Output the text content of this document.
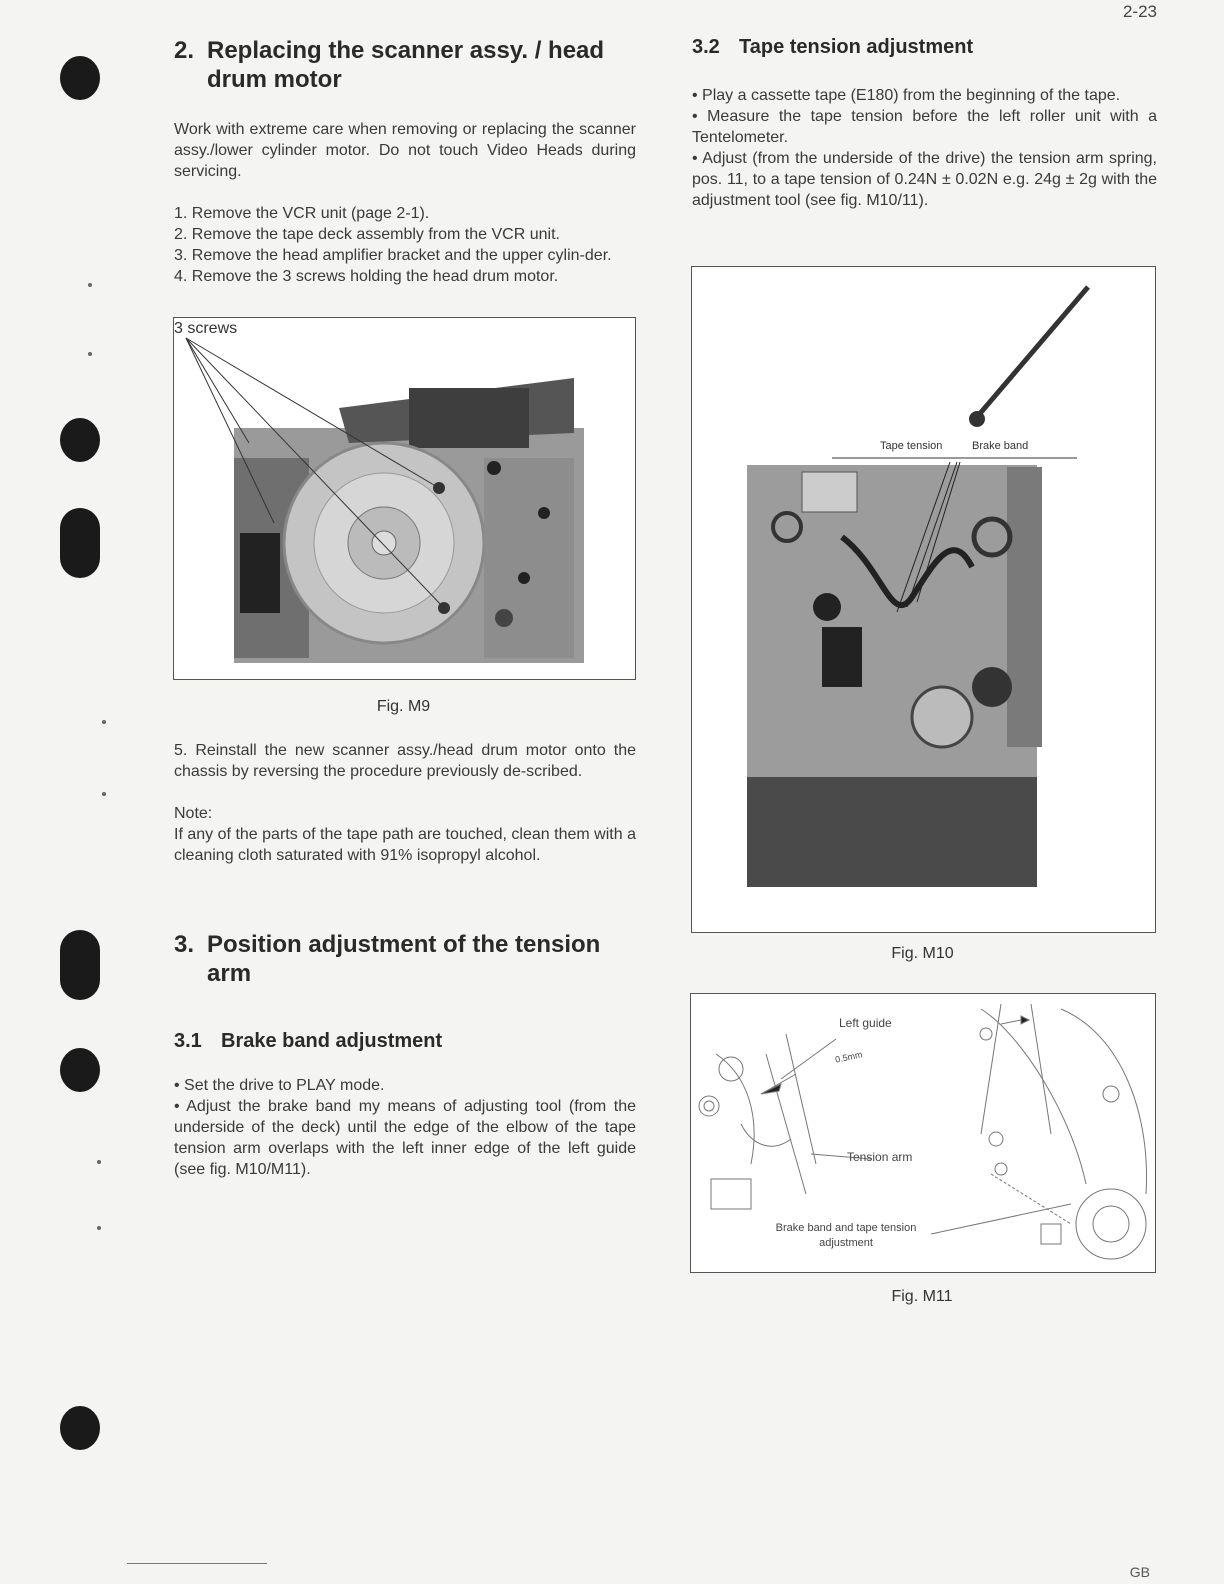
2-23
2. Replacing the scanner assy. / head
drum motor

Work with extreme care when removing or replacing the scanner assy./lower cylinder motor. Do not touch Video Heads during servicing.

1. Remove the VCR unit (page 2-1).

2. Remove the tape deck assembly from the VCR unit.

3. Remove the head amplifier bracket and the upper cylin-der.

4. Remove the 3 screws holding the head drum motor.

3 screws
Fig. M9

5. Reinstall the new scanner assy./head drum motor onto the chassis by reversing the procedure previously de-scribed.

Note:

If any of the parts of the tape path are touched, clean them with a cleaning cloth saturated with 91% isopropyl alcohol.

3. Position adjustment of the tension
arm
3.1 Brake band adjustment

• Set the drive to PLAY mode.

• Adjust the brake band my means of adjusting tool (from the underside of the deck) until the edge of the elbow of the tape tension arm overlaps with the left inner edge of the left guide (see fig. M10/M11).

3.2 Tape tension adjustment

• Play a cassette tape (E180) from the beginning of the tape.

• Measure the tape tension before the left roller unit with a Tentelometer.

• Adjust (from the underside of the drive) the tension arm spring, pos. 11, to a tape tension of 0.24N ± 0.02N e.g. 24g ± 2g with the adjustment tool (see fig. M10/11).

Tape tension	Brake band
Fig. M10
Left guide
0.5mm
Tension arm
Brake band and tape tension
adjustment
Fig. M11
GB
